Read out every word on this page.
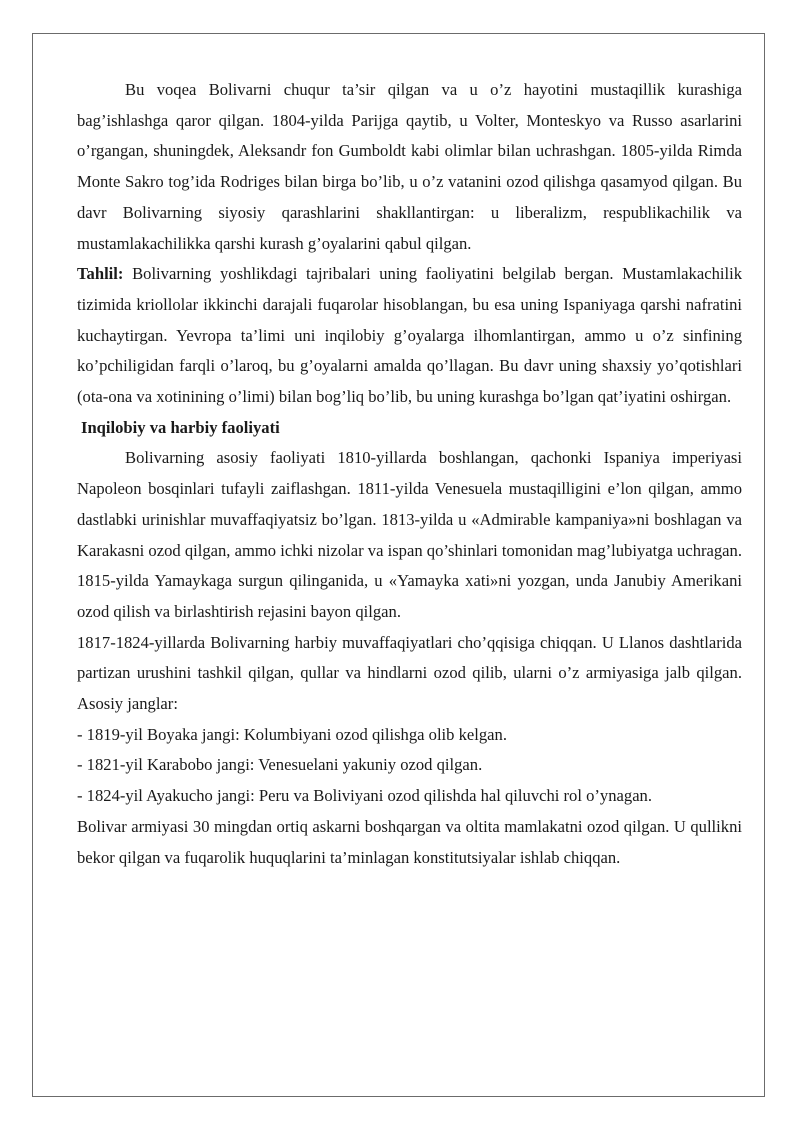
Bu voqea Bolivarni chuqur ta’sir qilgan va u o’z hayotini mustaqillik kurashiga bag’ishlashga qaror qilgan. 1804-yilda Parijga qaytib, u Volter, Monteskyo va Russo asarlarini o’rgangan, shuningdek, Aleksandr fon Gumboldt kabi olimlar bilan uchrashgan. 1805-yilda Rimda Monte Sakro tog’ida Rodriges bilan birga bo’lib, u o’z vatanini ozod qilishga qasamyod qilgan. Bu davr Bolivarning siyosiy qarashlarini shakllantirgan: u liberalizm, respublikachilik va mustamlakachilikka qarshi kurash g’oyalarini qabul qilgan.

Tahlil: Bolivarning yoshlikdagi tajribalari uning faoliyatini belgilab bergan. Mustamlakachilik tizimida kriollolar ikkinchi darajali fuqarolar hisoblangan, bu esa uning Ispaniyaga qarshi nafratini kuchaytirgan. Yevropa ta’limi uni inqilobiy g’oyalarga ilhomlantirgan, ammo u o’z sinfining ko’pchiligidan farqli o’laroq, bu g’oyalarni amalda qo’llagan. Bu davr uning shaxsiy yo’qotishlari (ota-ona va xotinining o’limi) bilan bog’liq bo’lib, bu uning kurashga bo’lgan qat’iyatini oshirgan.

Inqilobiy va harbiy faoliyati

Bolivarning asosiy faoliyati 1810-yillarda boshlangan, qachonki Ispaniya imperiyasi Napoleon bosqinlari tufayli zaiflashgan. 1811-yilda Venesuela mustaqilligini e’lon qilgan, ammo dastlabki urinishlar muvaffaqiyatsiz bo’lgan. 1813-yilda u «Admirable kampaniya»ni boshlagan va Karakasni ozod qilgan, ammo ichki nizolar va ispan qo’shinlari tomonidan mag’lubiyatga uchragan. 1815-yilda Yamaykaga surgun qilinganida, u «Yamayka xati»ni yozgan, unda Janubiy Amerikani ozod qilish va birlashtirish rejasini bayon qilgan.

1817-1824-yillarda Bolivarning harbiy muvaffaqiyatlari cho’qqisiga chiqqan. U Llanos dashtlarida partizan urushini tashkil qilgan, qullar va hindlarni ozod qilib, ularni o’z armiyasiga jalb qilgan. Asosiy janglar:

- 1819-yil Boyaka jangi: Kolumbiyani ozod qilishga olib kelgan.

- 1821-yil Karabobo jangi: Venesuelani yakuniy ozod qilgan.

- 1824-yil Ayakucho jangi: Peru va Boliviyani ozod qilishda hal qiluvchi rol o’ynagan.

Bolivar armiyasi 30 mingdan ortiq askarni boshqargan va oltita mamlakatni ozod qilgan. U qullikni bekor qilgan va fuqarolik huquqlarini ta’minlagan konstitutsiyalar ishlab chiqqan.
